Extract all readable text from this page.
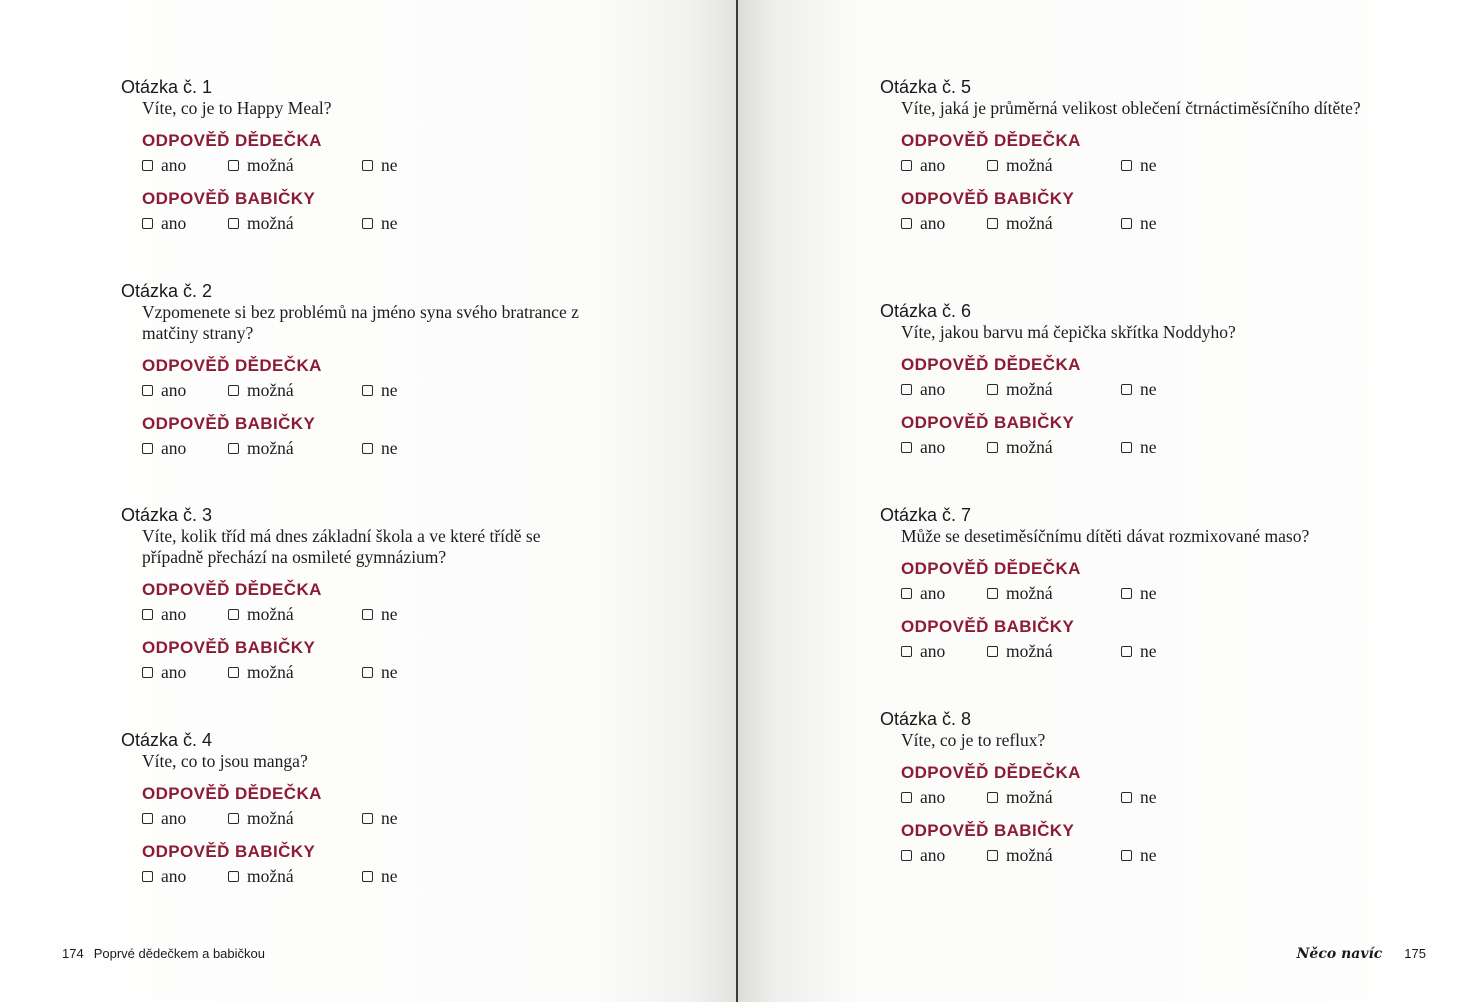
Otázka č. 1

Víte, co je to Happy Meal?

ODPOVĚĎ DĚDEČKA
ano	možná	ne
ODPOVĚĎ BABIČKY
ano	možná	ne
Otázka č. 2

Vzpomenete si bez problémů na jméno syna svého bratrance z matčiny strany?

ODPOVĚĎ DĚDEČKA
ano	možná	ne
ODPOVĚĎ BABIČKY
ano	možná	ne
Otázka č. 3

Víte, kolik tříd má dnes základní škola a ve které třídě se případně přechází na osmileté gymnázium?

ODPOVĚĎ DĚDEČKA
ano	možná	ne
ODPOVĚĎ BABIČKY
ano	možná	ne
Otázka č. 4

Víte, co to jsou manga?

ODPOVĚĎ DĚDEČKA
ano	možná	ne
ODPOVĚĎ BABIČKY
ano	možná	ne
Otázka č. 5

Víte, jaká je průměrná velikost oblečení čtrnáctiměsíčního dítěte?

ODPOVĚĎ DĚDEČKA
ano	možná	ne
ODPOVĚĎ BABIČKY
ano	možná	ne
Otázka č. 6

Víte, jakou barvu má čepička skřítka Noddyho?

ODPOVĚĎ DĚDEČKA
ano	možná	ne
ODPOVĚĎ BABIČKY
ano	možná	ne
Otázka č. 7

Může se desetiměsíčnímu dítěti dávat rozmixované maso?

ODPOVĚĎ DĚDEČKA
ano	možná	ne
ODPOVĚĎ BABIČKY
ano	možná	ne
Otázka č. 8

Víte, co je to reflux?

ODPOVĚĎ DĚDEČKA
ano	možná	ne
ODPOVĚĎ BABIČKY
ano	možná	ne
174 Poprvé dědečkem a babičkou	Něco navíc 175
